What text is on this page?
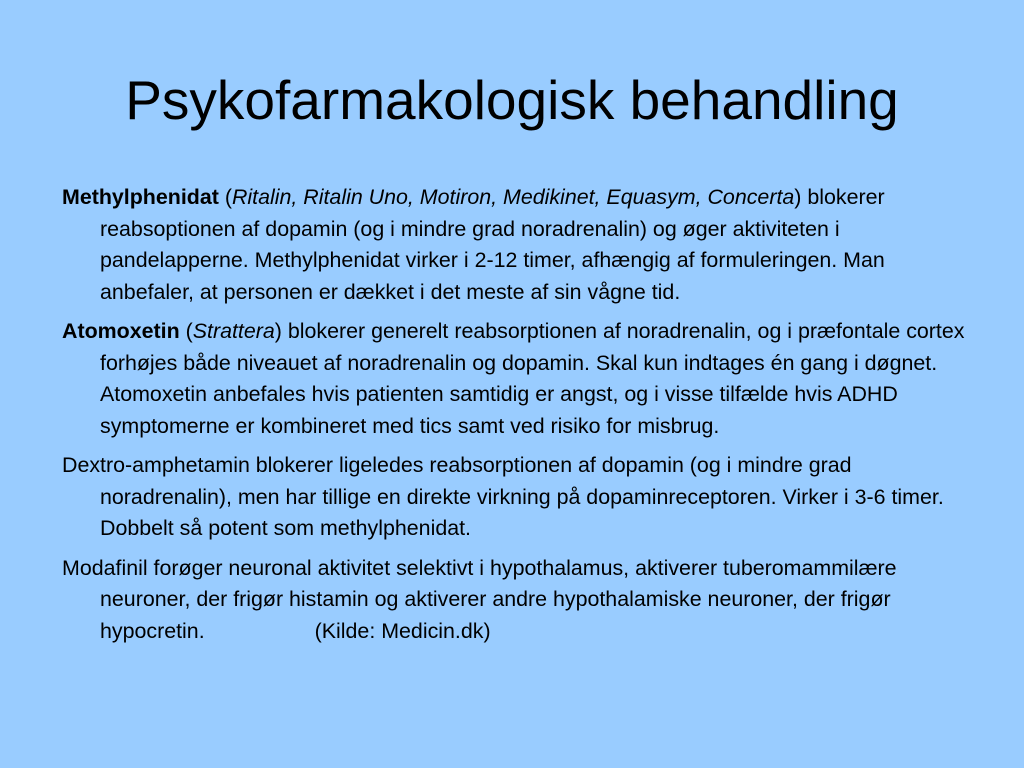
Psykofarmakologisk behandling

Methylphenidat (Ritalin, Ritalin Uno, Motiron, Medikinet, Equasym, Concerta) blokerer reabsoptionen af dopamin (og i mindre grad noradrenalin) og øger aktiviteten i pandelapperne. Methylphenidat virker i 2-12 timer, afhængig af formuleringen. Man anbefaler, at personen er dækket i det meste af sin vågne tid.

Atomoxetin (Strattera) blokerer generelt reabsorptionen af noradrenalin, og i præfontale cortex forhøjes både niveauet af noradrenalin og dopamin. Skal kun indtages én gang i døgnet. Atomoxetin anbefales hvis patienten samtidig er angst, og i visse tilfælde hvis ADHD symptomerne er kombineret med tics samt ved risiko for misbrug.

Dextro-amphetamin blokerer ligeledes reabsorptionen af dopamin (og i mindre grad noradrenalin), men har tillige en direkte virkning på dopaminreceptoren. Virker i 3-6 timer. Dobbelt så potent som methylphenidat.

Modafinil forøger neuronal aktivitet selektivt i hypothalamus, aktiverer tuberomammilære neuroner, der frigør histamin og aktiverer andre hypothalamiske neuroner, der frigør hypocretin.	(Kilde: Medicin.dk)
